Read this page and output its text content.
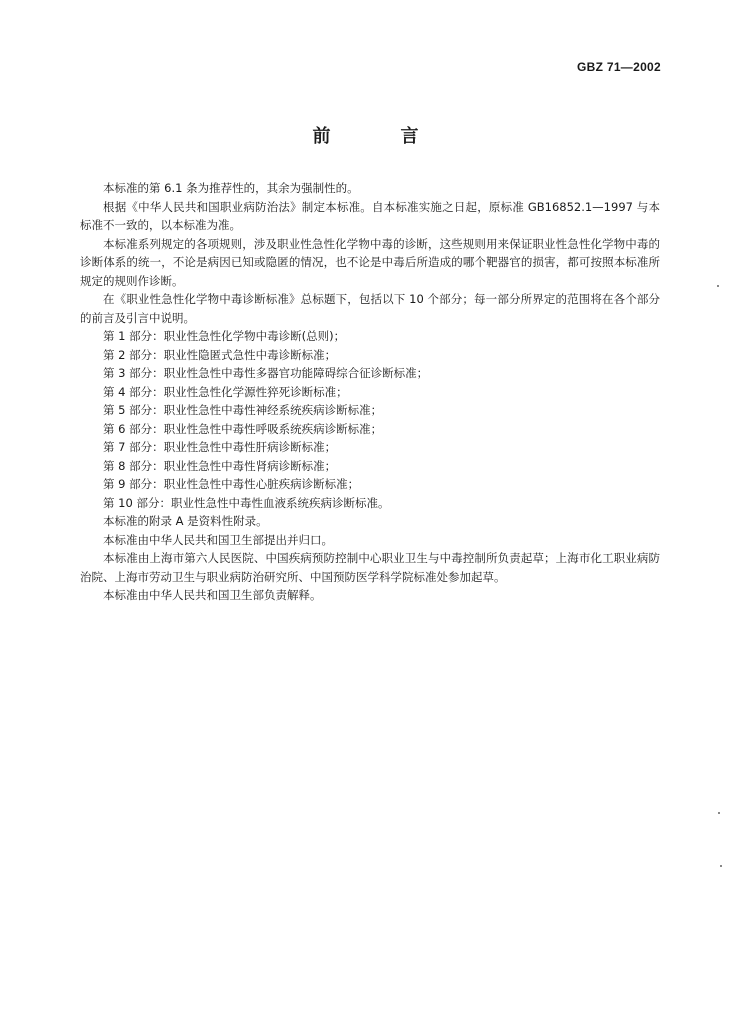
GBZ 71—2002
前　言

本标准的第 6.1 条为推荐性的，其余为强制性的。

根据《中华人民共和国职业病防治法》制定本标准。自本标准实施之日起，原标准 GB16852.1—1997 与本标准不一致的，以本标准为准。

本标准系列规定的各项规则，涉及职业性急性化学物中毒的诊断，这些规则用来保证职业性急性化学物中毒的诊断体系的统一，不论是病因已知或隐匿的情况，也不论是中毒后所造成的哪个靶器官的损害，都可按照本标准所规定的规则作诊断。

在《职业性急性化学物中毒诊断标准》总标题下，包括以下 10 个部分；每一部分所界定的范围将在各个部分的前言及引言中说明。

第 1 部分：职业性急性化学物中毒诊断(总则)；

第 2 部分：职业性隐匿式急性中毒诊断标准；

第 3 部分：职业性急性中毒性多器官功能障碍综合征诊断标准；

第 4 部分：职业性急性化学源性猝死诊断标准；

第 5 部分：职业性急性中毒性神经系统疾病诊断标准；

第 6 部分：职业性急性中毒性呼吸系统疾病诊断标准；

第 7 部分：职业性急性中毒性肝病诊断标准；

第 8 部分：职业性急性中毒性肾病诊断标准；

第 9 部分：职业性急性中毒性心脏疾病诊断标准；

第 10 部分：职业性急性中毒性血液系统疾病诊断标准。

本标准的附录 A 是资料性附录。

本标准由中华人民共和国卫生部提出并归口。

本标准由上海市第六人民医院、中国疾病预防控制中心职业卫生与中毒控制所负责起草；上海市化工职业病防治院、上海市劳动卫生与职业病防治研究所、中国预防医学科学院标准处参加起草。

本标准由中华人民共和国卫生部负责解释。
